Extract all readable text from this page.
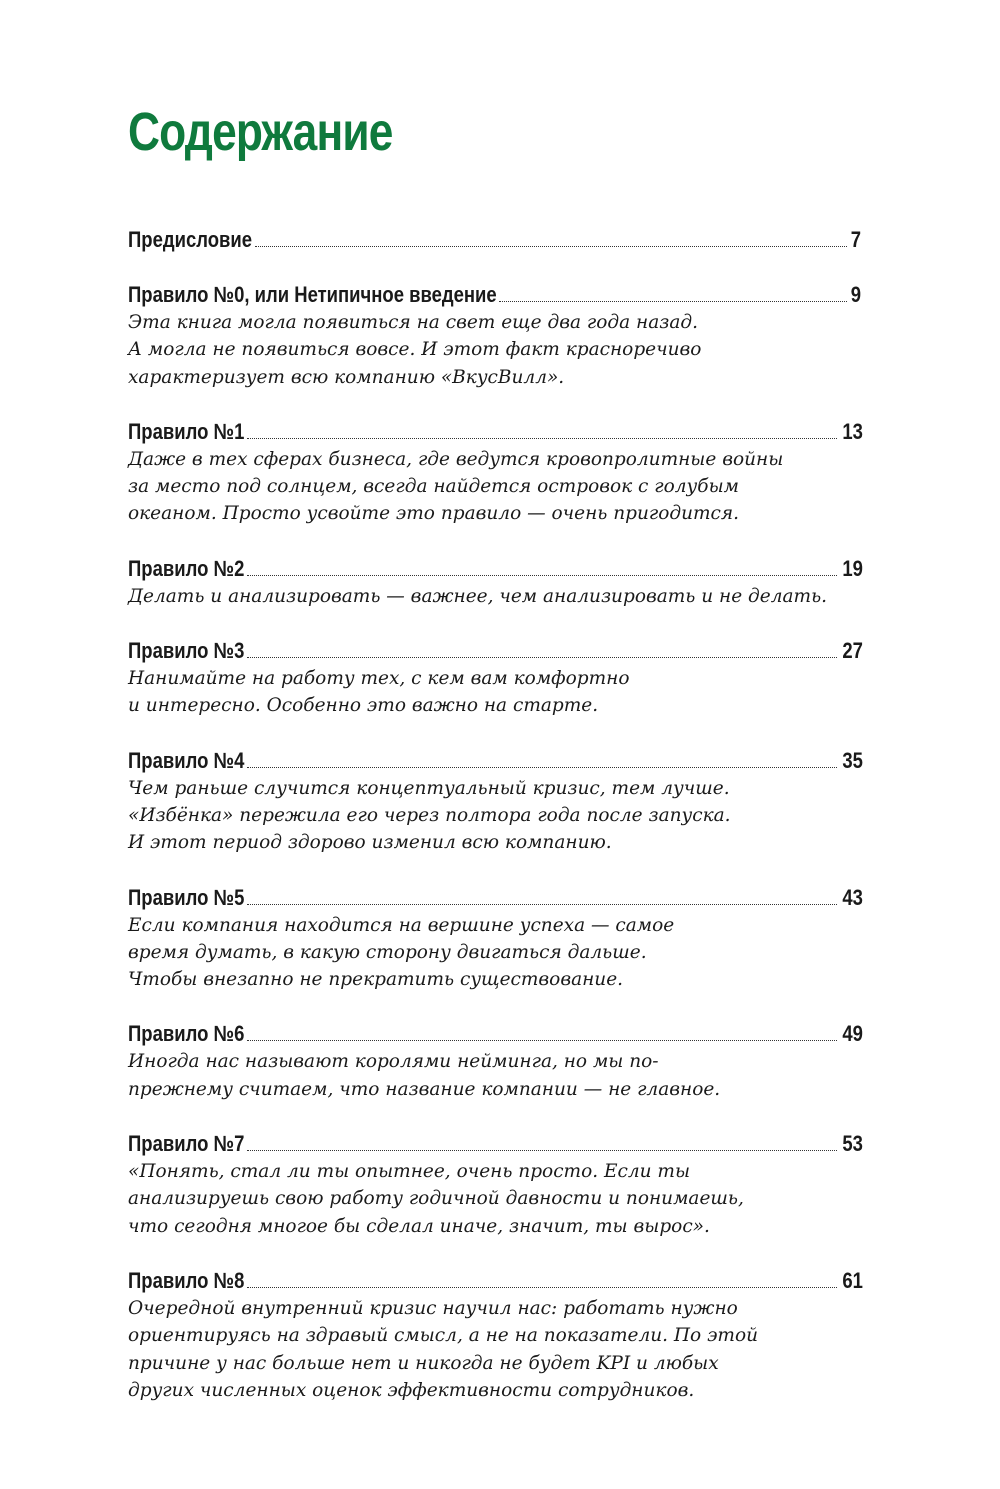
Содержание
Предисловие	7
Правило №0, или Нетипичное введение	9
Эта книга могла появиться на свет еще два года назад.
А могла не появиться вовсе. И этот факт красноречиво
характеризует всю компанию «ВкусВилл».
Правило №1	13
Даже в тех сферах бизнеса, где ведутся кровопролитные войны
за место под солнцем, всегда найдется островок с голубым
океаном. Просто усвойте это правило — очень пригодится.
Правило №2	19
Делать и анализировать — важнее, чем анализировать и не делать.
Правило №3	27
Нанимайте на работу тех, с кем вам комфортно
и интересно. Особенно это важно на старте.
Правило №4	35
Чем раньше случится концептуальный кризис, тем лучше.
«Избёнка» пережила его через полтора года после запуска.
И этот период здорово изменил всю компанию.
Правило №5	43
Если компания находится на вершине успеха — самое
время думать, в какую сторону двигаться дальше.
Чтобы внезапно не прекратить существование.
Правило №6	49
Иногда нас называют королями нейминга, но мы по-
прежнему считаем, что название компании — не главное.
Правило №7	53
«Понять, стал ли ты опытнее, очень просто. Если ты
анализируешь свою работу годичной давности и понимаешь,
что сегодня многое бы сделал иначе, значит, ты вырос».
Правило №8	61
Очередной внутренний кризис научил нас: работать нужно
ориентируясь на здравый смысл, а не на показатели. По этой
причине у нас больше нет и никогда не будет KPI и любых
других численных оценок эффективности сотрудников.
